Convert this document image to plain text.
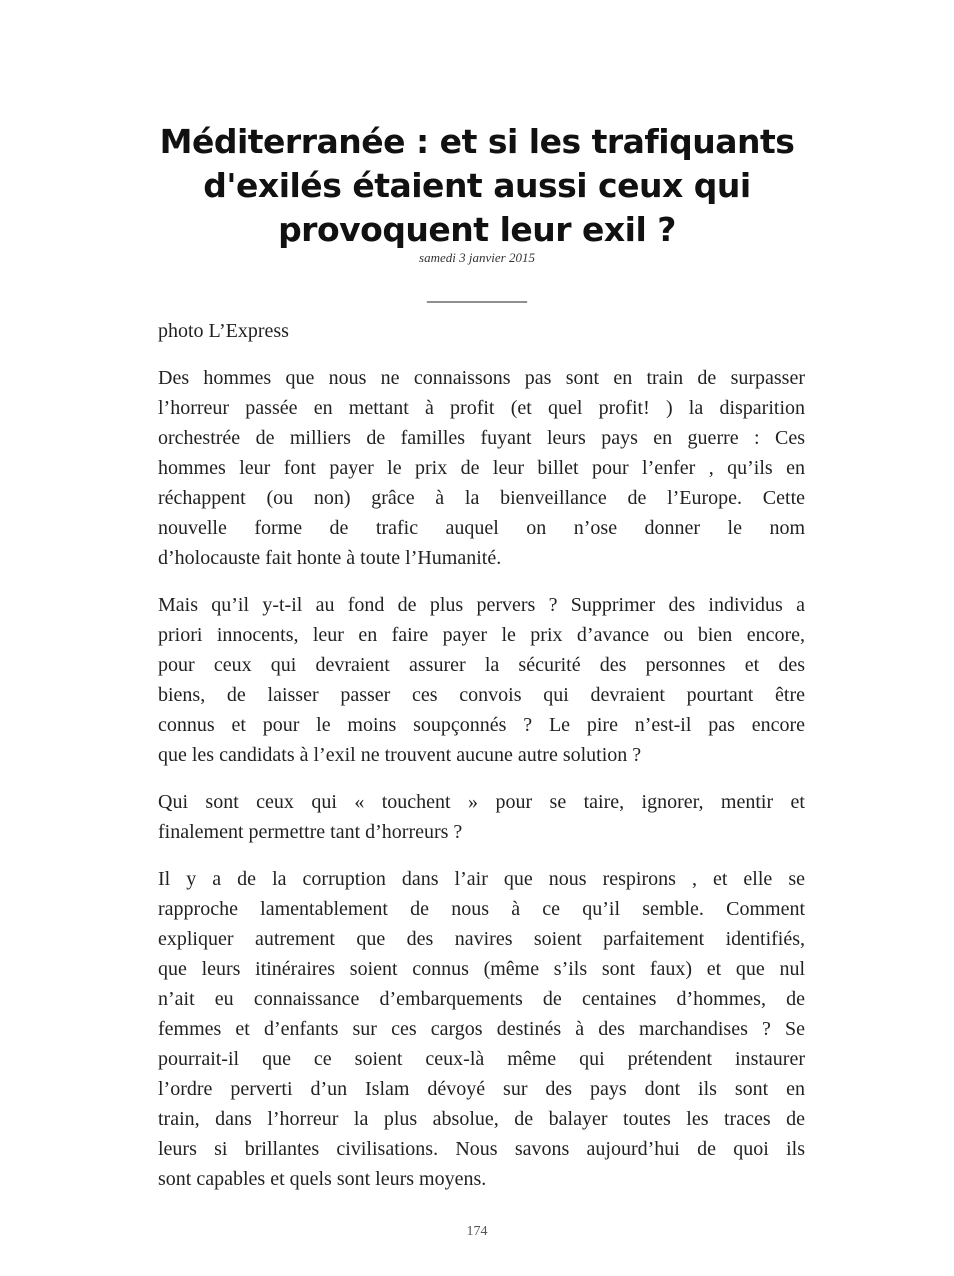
Méditerranée : et si les trafiquants
d'exilés étaient aussi ceux qui
provoquent leur exil ?
samedi 3 janvier 2015
__________
photo L’Express
Des hommes que nous ne connaissons pas sont en train de surpasser
l’horreur passée en mettant à profit (et quel profit! ) la disparition
orchestrée de milliers de familles fuyant leurs pays en guerre : Ces
hommes leur font payer le prix de leur billet pour l’enfer , qu’ils en
réchappent (ou non) grâce à la bienveillance de l’Europe. Cette
nouvelle forme de trafic auquel on n’ose donner le nom
d’holocauste fait honte à toute l’Humanité.
Mais qu’il y-t-il au fond de plus pervers ? Supprimer des individus a
priori innocents, leur en faire payer le prix d’avance ou bien encore,
pour ceux qui devraient assurer la sécurité des personnes et des
biens, de laisser passer ces convois qui devraient pourtant être
connus et pour le moins soupçonnés ? Le pire n’est-il pas encore
que les candidats à l’exil ne trouvent aucune autre solution ?
Qui sont ceux qui « touchent » pour se taire, ignorer, mentir et
finalement permettre tant d’horreurs ?
Il y a de la corruption dans l’air que nous respirons , et elle se
rapproche lamentablement de nous à ce qu’il semble. Comment
expliquer autrement que des navires soient parfaitement identifiés,
que leurs itinéraires soient connus (même s’ils sont faux) et que nul
n’ait eu connaissance d’embarquements de centaines d’hommes, de
femmes et d’enfants sur ces cargos destinés à des marchandises ? Se
pourrait-il que ce soient ceux-là même qui prétendent instaurer
l’ordre perverti d’un Islam dévoyé sur des pays dont ils sont en
train, dans l’horreur la plus absolue, de balayer toutes les traces de
leurs si brillantes civilisations. Nous savons aujourd’hui de quoi ils
sont capables et quels sont leurs moyens.
174
